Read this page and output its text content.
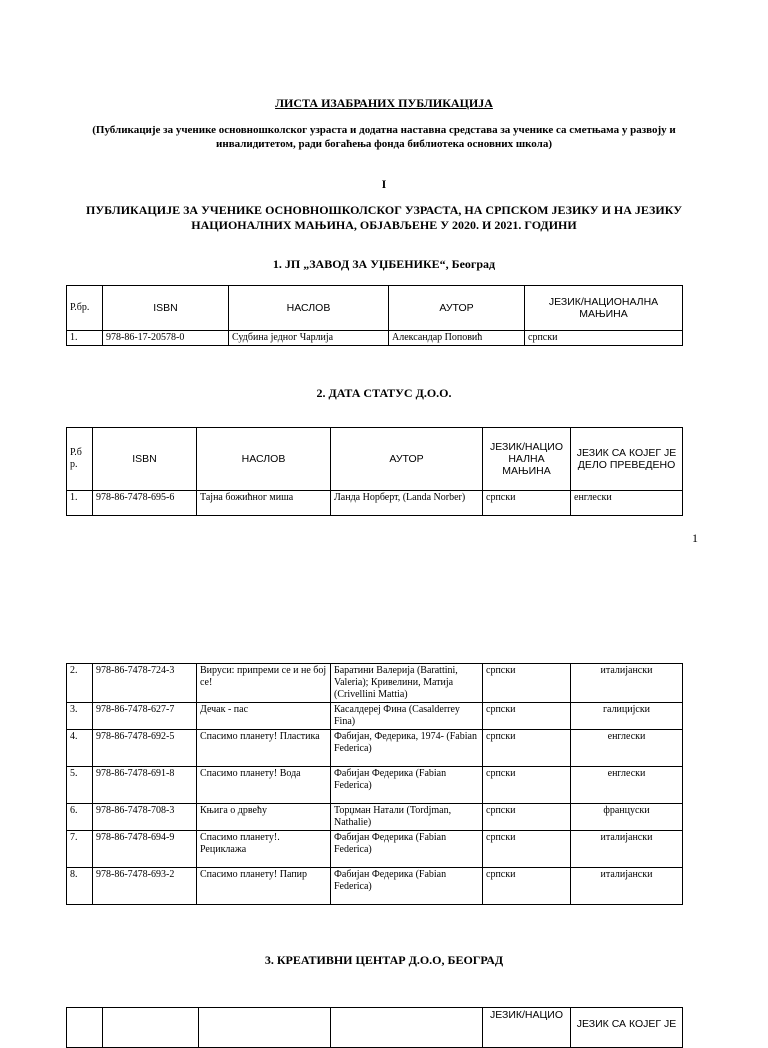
ЛИСТА ИЗАБРАНИХ ПУБЛИКАЦИЈА
(Публикације за ученике основношколског узраста и додатна наставна средстава за ученике са сметњама у развоју и инвалидитетом, ради богаћења фонда библиотека основних школа)
I
ПУБЛИКАЦИЈЕ ЗА УЧЕНИКЕ ОСНОВНОШКОЛСКОГ УЗРАСТА, НА СРПСКОМ ЈЕЗИКУ И НА ЈЕЗИКУ НАЦИОНАЛНИХ МАЊИНА, ОБЈАВЉЕНЕ У 2020. И 2021. ГОДИНИ
1. ЈП „ЗАВОД ЗА УЏБЕНИКЕ“, Београд
Р.бр.	ISBN	НАСЛОВ	АУТОР	ЈЕЗИК/НАЦИОНАЛНА МАЊИНА
1.	978-86-17-20578-0	Судбина једног Чарлија	Александар Поповић	српски
2. ДАТА СТАТУС Д.О.О.
Р.б р.	ISBN	НАСЛОВ	АУТОР	ЈЕЗИК/НАЦИО НАЛНА МАЊИНА	ЈЕЗИК СА КОЈЕГ ЈЕ ДЕЛО ПРЕВЕДЕНО
1.	978-86-7478-695-6	Тајна божићног миша	Ланда Норберт, (Landa Norber)	српски	енглески
1
2.	978-86-7478-724-3	Вируси: припреми се и не бој се!	Баратини Валерија (Barattini, Valeria); Кривелини, Матија (Crivellini Mattia)	српски	италијански
3.	978-86-7478-627-7	Дечак - пас	Касалдереј Фина (Casalderrey Fina)	српски	галицијски
4.	978-86-7478-692-5	Спасимо планету! Пластика	Фабијан, Федерика, 1974- (Fabian Federica)	српски	енглески
5.	978-86-7478-691-8	Спасимо планету! Вода	Фабијан Федерика (Fabian Federica)	српски	енглески
6.	978-86-7478-708-3	Књига о дрвећу	Торџман Натали (Tordjman, Nathalie)	српски	француски
7.	978-86-7478-694-9	Спасимо планету!. Рециклажа	Фабијан Федерика (Fabian Federica)	српски	италијански
8.	978-86-7478-693-2	Спасимо планету! Папир	Фабијан Федерика (Fabian Federica)	српски	италијански
3. КРЕАТИВНИ ЦЕНТАР Д.О.О, БЕОГРАД
				ЈЕЗИК/НАЦИО	ЈЕЗИК СА КОЈЕГ ЈЕ
